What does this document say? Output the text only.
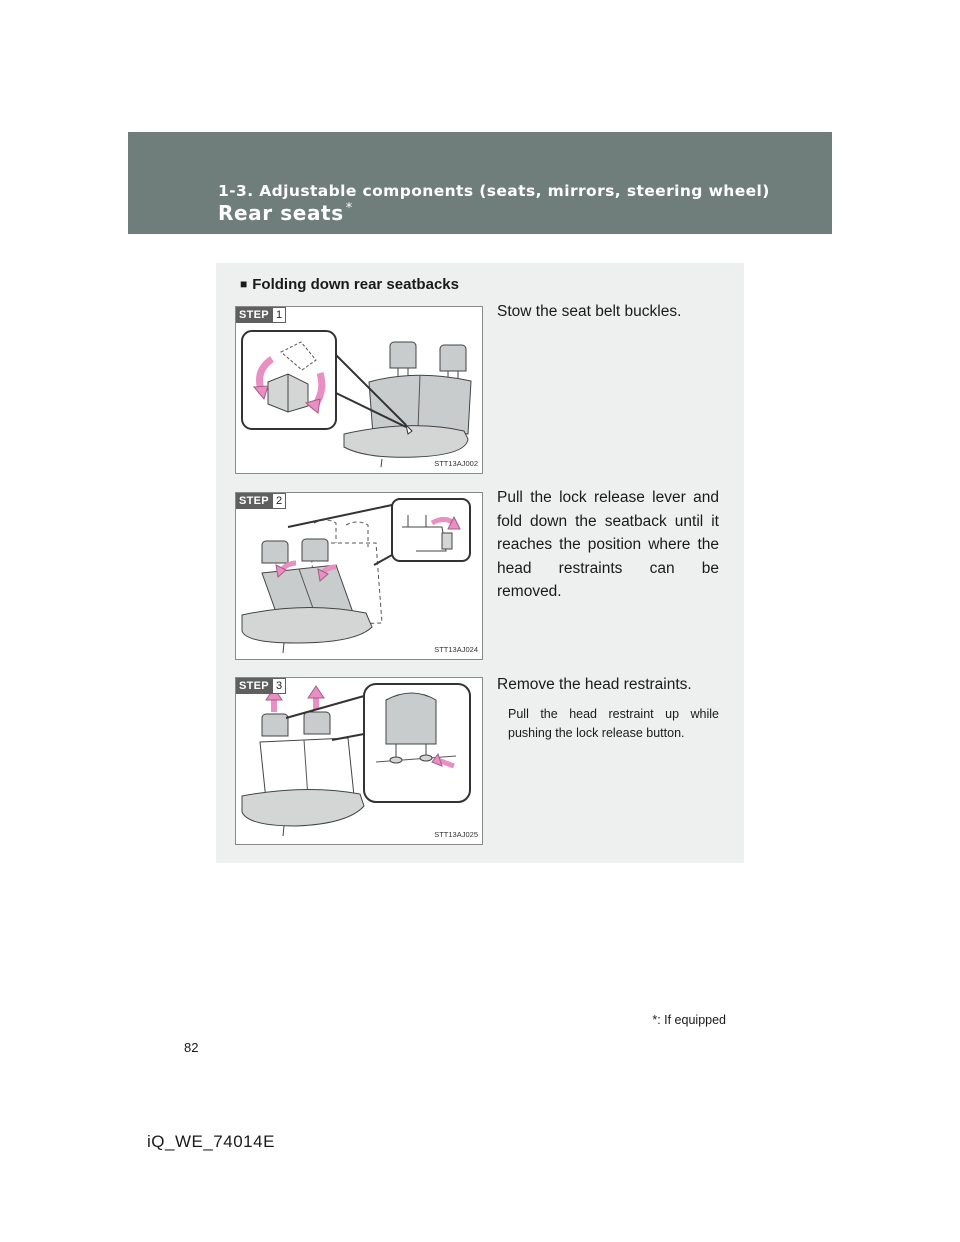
1-3. Adjustable components (seats, mirrors, steering wheel)
Rear seats *
■ Folding down rear seatbacks
STEP 1
STT13AJ002
Stow the seat belt buckles.
STEP 2
STT13AJ024
Pull the lock release lever and fold down the seatback until it reaches the position where the head restraints can be removed.
STEP 3
STT13AJ025
Remove the head restraints.
Pull the head restraint up while pushing the lock release button.
*: If equipped
82
iQ_WE_74014E
